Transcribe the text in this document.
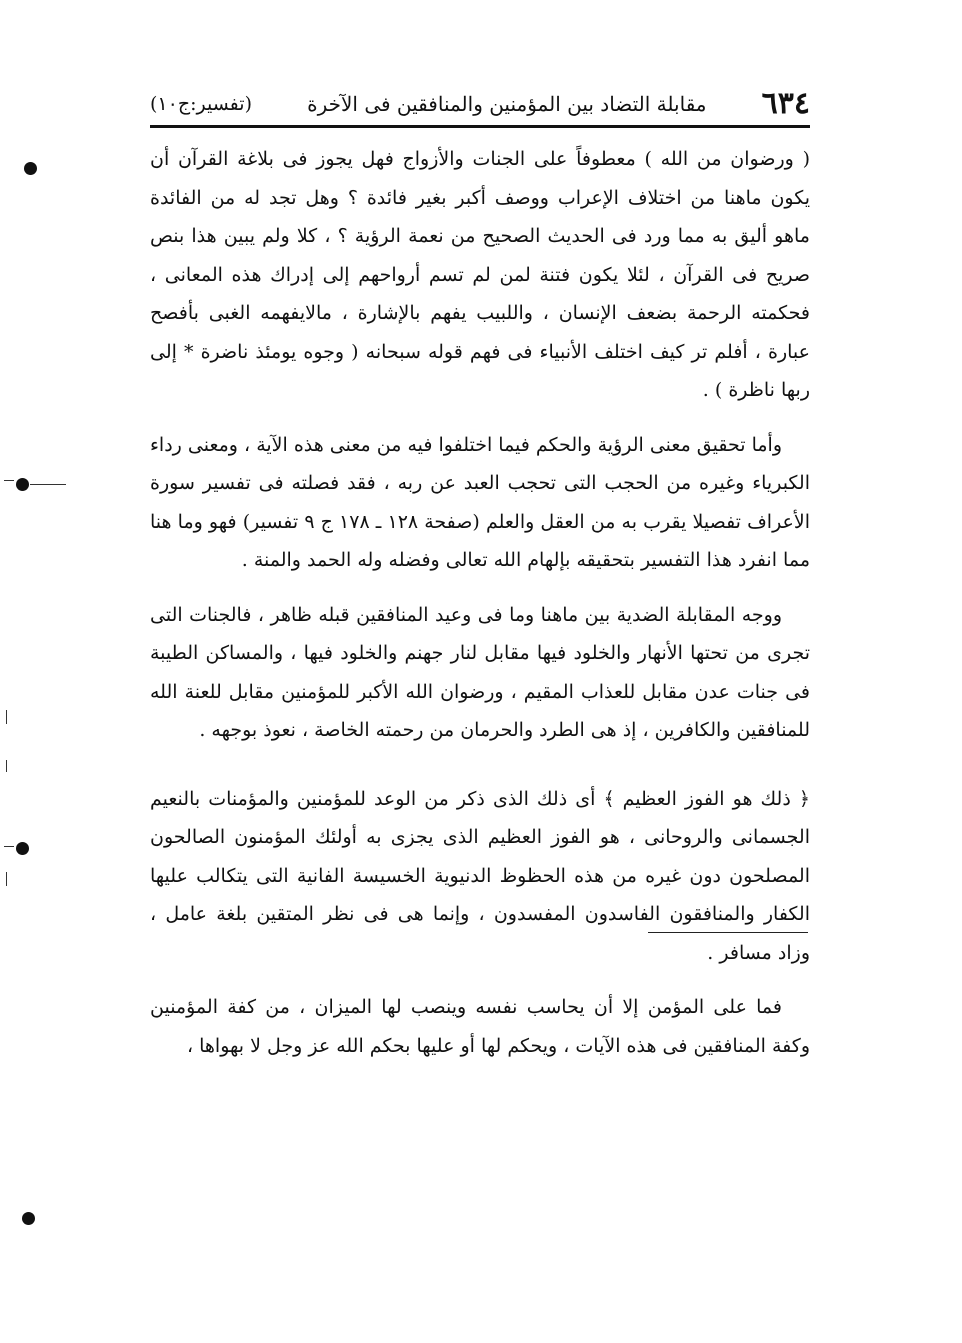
٦٣٤
مقابلة التضاد بين المؤمنين والمنافقين فى الآخرة
(تفسير:ج١٠)

( ورضوان من الله ) معطوفاً على الجنات والأزواج فهل يجوز فى بلاغة القرآن أن يكون ماهنا من اختلاف الإعراب ووصف أكبر بغير فائدة ؟ وهل تجد له من الفائدة ماهو أليق به مما ورد فى الحديث الصحيح من نعمة الرؤية ؟ ، كلا ولم يبين هذا بنص صريح فى القرآن ، لئلا يكون فتنة لمن لم تسم أرواحهم إلى إدراك هذه المعانى ، فحكمته الرحمة بضعف الإنسان ، واللبيب يفهم بالإشارة ، مالايفهمه الغبى بأفصح عبارة ، أفلم تر كيف اختلف الأنبياء فى فهم قوله سبحانه ( وجوه يومئذ ناضرة * إلى ربها ناظرة ) .

وأما تحقيق معنى الرؤية والحكم فيما اختلفوا فيه من معنى هذه الآية ، ومعنى رداء الكبرياء وغيره من الحجب التى تحجب العبد عن ربه ، فقد فصلته فى تفسير سورة الأعراف تفصيلا يقرب به من العقل والعلم (صفحة ١٢٨ ـ ١٧٨ ج ٩ تفسير) فهو وما هنا مما انفرد هذا التفسير بتحقيقه بإلهام الله تعالى وفضله وله الحمد والمنة .

ووجه المقابلة الضدية بين ماهنا وما فى وعيد المنافقين قبله ظاهر ، فالجنات التى تجرى من تحتها الأنهار والخلود فيها مقابل لنار جهنم والخلود فيها ، والمساكن الطيبة فى جنات عدن مقابل للعذاب المقيم ، ورضوان الله الأكبر للمؤمنين مقابل للعنة الله للمنافقين والكافرين ، إذ هى الطرد والحرمان من رحمته الخاصة ، نعوذ بوجهه .

﴿ ذلك هو الفوز العظيم ﴾ أى ذلك الذى ذكر من الوعد للمؤمنين والمؤمنات بالنعيم الجسمانى والروحانى ، هو الفوز العظيم الذى يجزى به أولئك المؤمنون الصالحون المصلحون دون غيره من هذه الحظوظ الدنيوية الخسيسة الفانية التى يتكالب عليها الكفار والمنافقون الفاسدون المفسدون ، وإنما هى فى نظر المتقين بلغة عامل ، وزاد مسافر .

فما على المؤمن إلا أن يحاسب نفسه وينصب لها الميزان ، من كفة المؤمنين وكفة المنافقين فى هذه الآيات ، ويحكم لها أو عليها بحكم الله عز وجل لا بهواها ،
